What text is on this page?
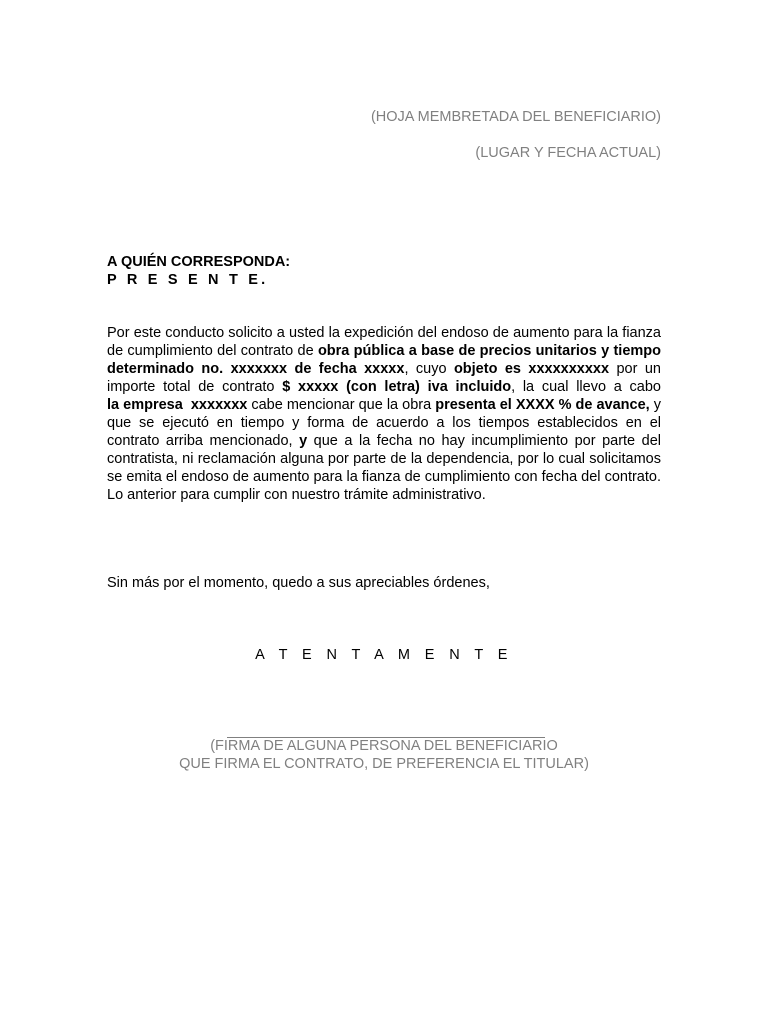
(HOJA MEMBRETADA DEL BENEFICIARIO)
(LUGAR Y FECHA ACTUAL)
A QUIÉN CORRESPONDA:
P R E S E N T E.
Por este conducto solicito a usted la expedición del endoso de aumento para la fianza de cumplimiento del contrato de obra pública a base de precios unitarios y tiempo determinado no. xxxxxxx de fecha xxxxx, cuyo objeto es xxxxxxxxxx por un importe total de contrato $ xxxxx (con letra) iva incluido, la cual llevo a cabo la empresa  xxxxxxx cabe mencionar que la obra presenta el XXXX % de avance, y que se ejecutó en tiempo y forma de acuerdo a los tiempos establecidos en el contrato arriba mencionado, y que a la fecha no hay incumplimiento por parte del contratista, ni reclamación alguna por parte de la dependencia, por lo cual solicitamos se emita el endoso de aumento para la fianza de cumplimiento con fecha del contrato. Lo anterior para cumplir con nuestro trámite administrativo.
Sin más por el momento, quedo a sus apreciables órdenes,
A T E N T A M E N T E
(FIRMA DE ALGUNA PERSONA DEL BENEFICIARIO
QUE FIRMA EL CONTRATO, DE PREFERENCIA EL TITULAR)
